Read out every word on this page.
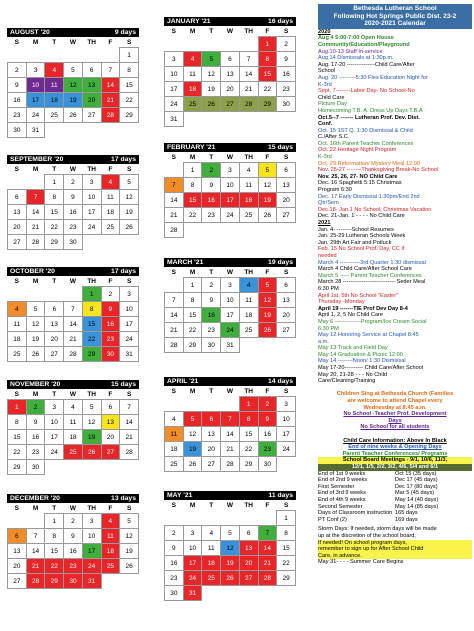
AUGUST '20	9 days
S	M	T	W	TH	F	S
						1
2	3	4	5	6	7	8
9	10	11	12	13	14	15
16	17	18	19	20	21	22
23	24	25	26	27	28	29
30	31					
SEPTEMBER '20	17 days
S	M	T	W	TH	F	S
		1	2	3	4	5
6	7	8	9	10	11	12
13	14	15	16	17	18	19
20	21	22	23	24	25	26
27	28	29	30			
OCTOBER '20	17 days
S	M	T	W	TH	F	S
				1	2	3
4	5	6	7	8	9	10
11	12	13	14	15	16	17
18	19	20	21	22	23	24
25	26	27	28	29	30	31
NOVEMBER '20	15 days
S	M	T	W	TH	F	S
1	2	3	4	5	6	7
8	9	10	11	12	13	14
15	16	17	18	19	20	21
22	23	24	25	26	27	28
29	30					
DECEMBER '20	13 days
S	M	T	W	TH	F	S
		1	2	3	4	5
6	7	8	9	10	11	12
13	14	15	16	17	18	19
20	21	22	23	24	25	26
27	28	29	30	31		
JANUARY '21	16 days
S	M	T	W	TH	F	S
					1	2
3	4	5	6	7	8	9
10	11	12	13	14	15	16
17	18	19	20	21	22	23
24	25	26	27	28	29	30
31						
FEBRUARY '21	15 days
S	M	T	W	TH	F	S
	1	2	3	4	5	6
7	8	9	10	11	12	13
14	15	16	17	18	19	20
21	22	23	24	25	26	27
28						
MARCH '21	19 days
S	M	T	W	TH	F	S
	1	2	3	4	5	6
7	8	9	10	11	12	13
14	15	16	17	18	19	20
21	22	23	24	25	26	27
28	29	30	31			
APRIL '21	14 days
S	M	T	W	TH	F	S
				1	2	3
4	5	6	7	8	9	10
11	12	13	14	15	16	17
18	19	20	21	22	23	24
25	26	27	28	29	30	
MAY '21	11 days
S	M	T	W	TH	F	S
						1
2	3	4	5	6	7	8
9	10	11	12	13	14	15
16	17	18	19	20	21	22
23	24	25	26	27	28	29
30	31					
Bethesda Lutheran School
Following Hot Springs Public Dist. 23-2
2020-2021 Calendar
2020
Aug 4 5:00-7:00 Open House
Community/Education/Playground
Aug.10-13 Staff In-service
Aug 14 Dismissals at 1:30p.m.
Aug. 17-20 ---------------Child Care/After
School
Aug. 20 ---------5:30 Flex Education Night for
K-3rd
Sept. 7--------Labor Day- No School-No
Child Care
Picture Day
Homecoming T.B. A. Dress Up Days T.B.A
Oct.5--7 ------- Lutheran Prof. Dev. Dist.
Conf.
Oct. 15 1ST Q. 1:30 Dismissal & Child
C./After S.C.
Oct. 16th Parent Teacher Conferences
Oct. 22 Heritage Night Program
K-3rd
Oct. 29 Reformation/ Mystery Meal 12:00
Nov. 25-27 --------Thanksgiving Break-No School
Nov. 25, 26, 27- NO Child Care
Dec. 16 Spaghetti 5:15 Christmas
Program 6:30
Dec. 17 Early Dismissal 1:30pm/End 2nd
Qtr/Sem
Dec.18- Jan.1 No School, Christmas Vacation
Dec. 21-Jan. 1 - - - - No Child Care
2021
Jan. 4- --------School Resumes
Jan. 25-29 Lutheran Schools Week
Jan. 29th Art Fair and Potluck
Feb. 15 No School Prof. Day, CC if
needed
March 4 -----------3rd Quarter 1:30 dismissal
March 4 Child Care/After School Care
March 5 ----- Parent Teacher Conferences
March 28 ---------------------------- Seder Meal
6:30 PM
April 1st, 5th No School "Easter"
Thursday -Monday
April 19 -------TIE Prof Dev Day 8-4
April 1, 2, 5 No Child Care
May 6 --------------Program/Ice Cream Social
6:30 PM
May 12 Honoring Service at Chapel 8:45
a.m.
May 13 Track and Field Day
May 14 Graduation & Picnic 12:00
May 14 --------Noon/ 1:30 Dismissal
May 17-20---------- Child Care/After School
May 20, 21-28 - - - No Child
Care/Cleaning/Training

Children Sing at Bethesda Church (Families
are welcome to attend Chapel every
Wednesday at 8:45 a.m.
No School -Teacher Prof. Development
Days
No School for all students

Child Care Information: Above In Black
End of nine weeks & Opening Days
Parent Teacher Conferences/ Programs
School Board Meetings - 9/1, 10/6, 11/3,
12/1, 1/5, 2/2, 3/2, 4/6, 5/4 and 6/1
End of 1st 9 weeks	Oct 15 (35 days)
End of 2nd 9 weeks	Dec 17 (45 days)
First Semester	Dec 17 (80 days)
End of 3rd 9 weeks	Mar 5 (45 days)
End of 4th 9 weeks	May 14 (40 days)
Second Semester	May 14 (85 days)
Days of Classroom instruction 165 days
PT Conf (2)	169 days
Storm Days: If needed, storm days will be made
up at the discretion of the school board.
If needed! On school program days,
remember to sign up for After School Child
Care, in advance.
May 31- - - - Summer Care Begins
